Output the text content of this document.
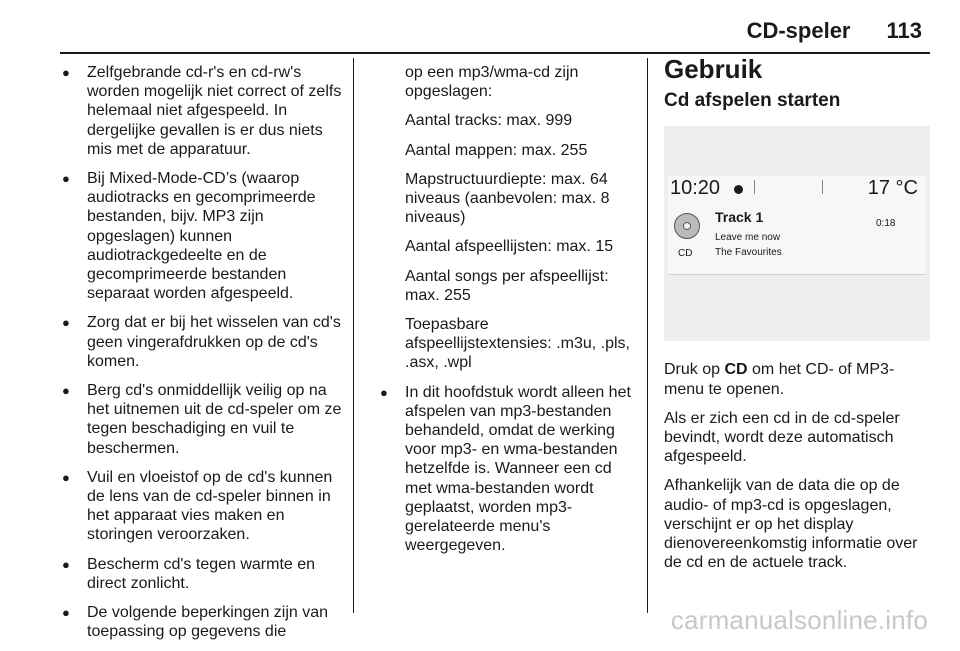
CD-speler 113
● Zelfgebrande cd-r's en cd-rw's worden mogelijk niet correct of zelfs helemaal niet afgespeeld. In dergelijke gevallen is er dus niets mis met de apparatuur.
● Bij Mixed-Mode-CD’s (waarop audiotracks en gecomprimeerde bestanden, bijv. MP3 zijn opgeslagen) kunnen audiotrackgedeelte en de gecomprimeerde bestanden separaat worden afgespeeld.
● Zorg dat er bij het wisselen van cd's geen vingerafdrukken op de cd's komen.
● Berg cd's onmiddellijk veilig op na het uitnemen uit de cd-speler om ze tegen beschadiging en vuil te beschermen.
● Vuil en vloeistof op de cd's kunnen de lens van de cd-speler binnen in het apparaat vies maken en storingen veroorzaken.
● Bescherm cd's tegen warmte en direct zonlicht.
● De volgende beperkingen zijn van toepassing op gegevens die

op een mp3/wma-cd zijn opgeslagen:

Aantal tracks: max. 999

Aantal mappen: max. 255

Mapstructuurdiepte: max. 64 niveaus (aanbevolen: max. 8 niveaus)

Aantal afspeellijsten: max. 15

Aantal songs per afspeellijst: max. 255

Toepasbare afspeellijstextensies: .m3u, .pls, .asx, .wpl

● In dit hoofdstuk wordt alleen het afspelen van mp3-bestanden behandeld, omdat de werking voor mp3- en wma-bestanden hetzelfde is. Wanneer een cd met wma-bestanden wordt geplaatst, worden mp3-gerelateerde menu's weergegeven.
Gebruik
Cd afspelen starten
10:20	17 °C
CD
Track 1
Leave me now
The Favourites
0:18

Druk op CD om het CD- of MP3-menu te openen.

Als er zich een cd in de cd-speler bevindt, wordt deze automatisch afgespeeld.

Afhankelijk van de data die op de audio- of mp3-cd is opgeslagen, verschijnt er op het display dienovereenkomstig informatie over de cd en de actuele track.

carmanualsonline.info
